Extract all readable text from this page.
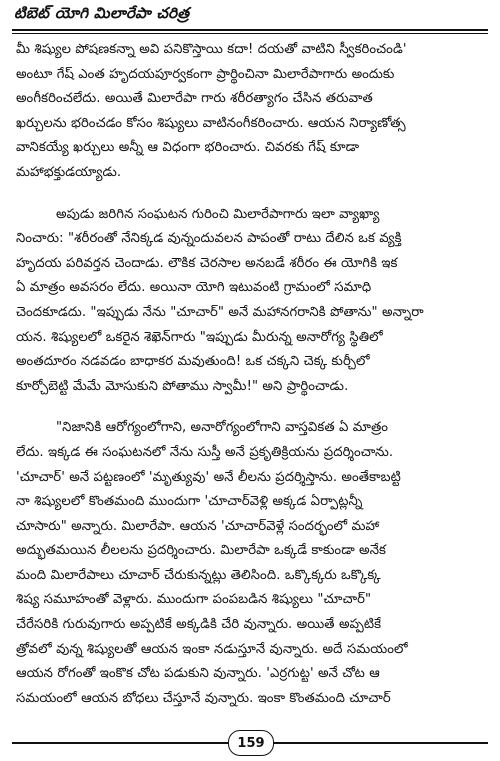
టిబెట్ యోగి మిలారేపా చరిత్ర
మీ శిష్యుల పోషణకన్నా అవి పనికొస్తాయి కదా! దయతో వాటిని స్వీకరించండి'
అంటూ గేష్ ఎంత హృదయపూర్వకంగా ప్రార్థించినా మిలారేపాగారు అందుకు
అంగీకరించలేదు. అయితే మిలారేపా గారు శరీరత్యాగం చేసిన తరువాత
ఖర్చులను భరించడం కోసం శిష్యులు వాటినంగీకరించారు. ఆయన నిర్యాణోత్స
వానికయ్యే ఖర్చులు అన్నీ ఆ విధంగా భరించారు. చివరకు గేష్ కూడా
మహాభక్తుడయ్యాడు.
అపుడు జరిగిన సంఘటన గురించి మిలారేపాగారు ఇలా వ్యాఖ్యా
నించారు: "శరీరంతో నేనిక్కడ వున్నందువలన పాపంతో రాటు దేలిన ఒక వ్యక్తి
హృదయ పరివర్తన చెందాడు. లౌకిక చెరసాల అనబడే శరీరం ఈ యోగికి ఇక
ఏ మాత్రం అవసరం లేదు. అయినా యోగి ఇటువంటి గ్రామంలో సమాధి
చెందకూడదు. "ఇప్పుడు నేను "చూచార్" అనే మహానగరానికి పోతాను" అన్నారా
యన. శిష్యులలో ఒకరైన శెఖెన్‌గారు "ఇప్పుడు మీరున్న అనారోగ్య స్థితిలో
అంతదూరం నడవడం బాధాకర మవుతుంది! ఒక చక్కని చెక్క కుర్చీలో
కూర్చోబెట్టి మేమే మోసుకుని పోతాము స్వామీ!" అని ప్రార్థించాడు.
"నిజానికి ఆరోగ్యంలోగాని, అనారోగ్యంలోగాని వాస్తవికత ఏ మాత్రం
లేదు. ఇక్కడ ఈ సంఘటనలో నేను సుస్తీ అనే ప్రకృతిక్రియను ప్రదర్శించాను.
'చూచార్' అనే పట్టణంలో 'మృత్యువు' అనే లీలను ప్రదర్శిస్తాను. అంతేకాబట్టి
నా శిష్యులలో కొంతమంది ముందుగా 'చూచార్‌వెళ్లి అక్కడ ఏర్పాట్లన్నీ
చూసారు" అన్నారు. మిలారేపా. ఆయన 'చూచార్‌వెళ్లే సందర్భంలో మహా
అద్భుతమయిన లీలలను ప్రదర్శించారు. మిలారేపా ఒక్కడే కాకుండా అనేక
మంది మిలారేపాలు చూచార్ చేరుకున్నట్లు తెలిసింది. ఒక్కొక్కరు ఒక్కొక్క
శిష్య సమూహంతో వెళ్లారు. ముందుగా పంపబడిన శిష్యులు "చూచార్"
చేరేసరికి గురువుగారు అప్పటికే అక్కడికి చేరి వున్నారు. అయితే అప్పటికే
త్రోవలో వున్న శిష్యులతో ఆయన ఇంకా నడుస్తూనే వున్నారు. అదే సమయంలో
ఆయన రోగంతో ఇంకొక చోట పడుకుని వున్నారు. 'ఎర్రగుట్ట' అనే చోట ఆ
సమయంలో ఆయన బోధలు చేస్తూనే వున్నారు. ఇంకా కొంతమంది చూచార్
159
